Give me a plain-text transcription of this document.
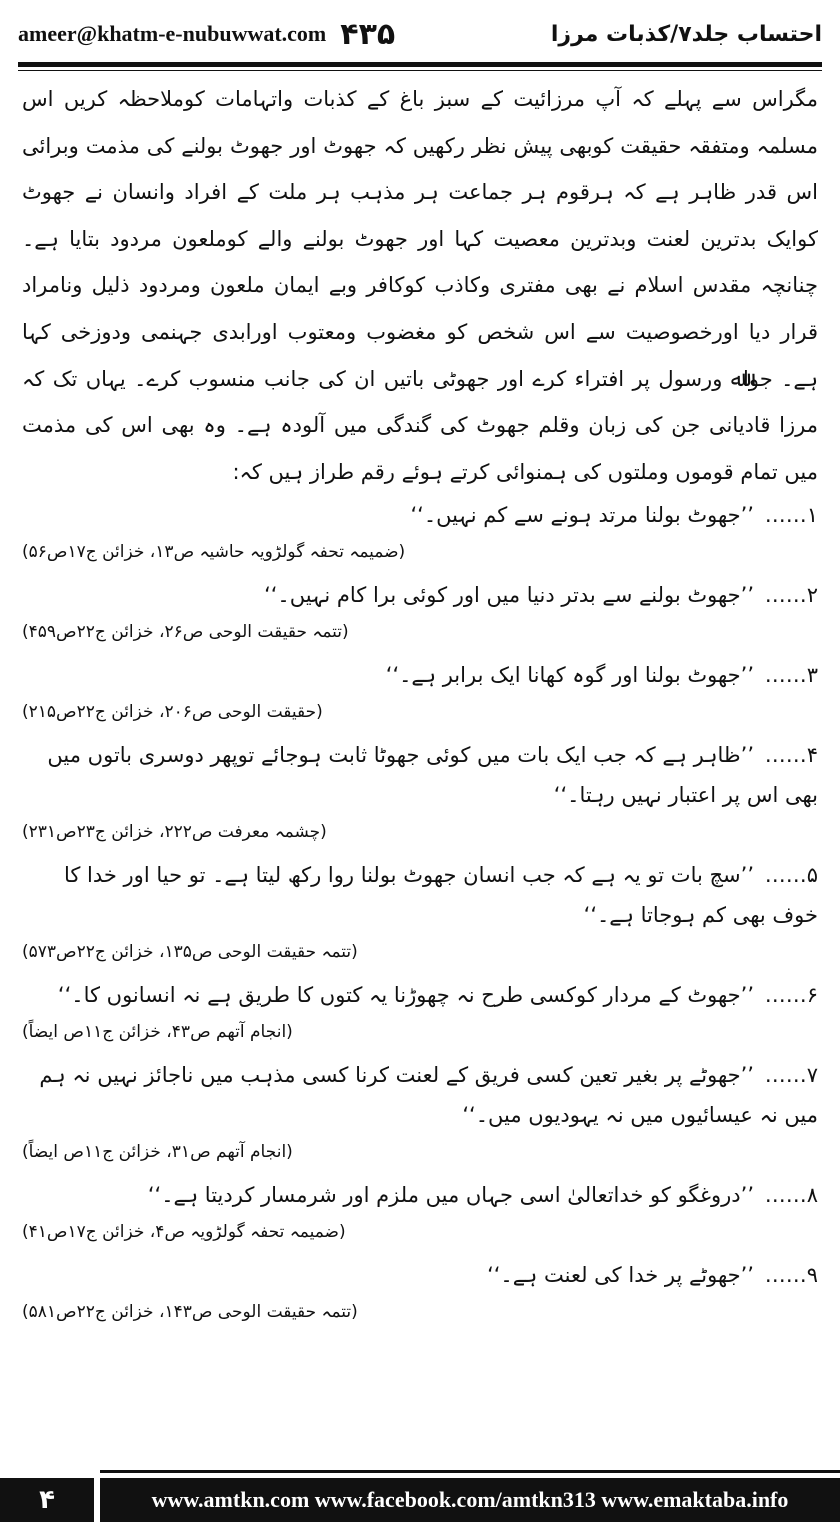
ameer@khatm-e-nubuwwat.com ۴۳۵	احتساب جلد۷/کذبات مرزا

مگراس سے پہلے کہ آپ مرزائیت کے سبز باغ کے کذبات واتہامات کوملاحظہ کریں اس مسلمہ ومتفقہ حقیقت کوبھی پیش نظر رکھیں کہ جھوٹ اور جھوٹ بولنے کی مذمت وبرائی اس قدر ظاہر ہے کہ ہرقوم ہر جماعت ہر مذہب ہر ملت کے افراد وانسان نے جھوٹ کوایک بدترین لعنت وبدترین معصیت کہا اور جھوٹ بولنے والے کوملعون مردود بتایا ہے۔ چنانچہ مقدس اسلام نے بھی مفتری وکاذب کوکافر وبے ایمان ملعون ومردود ذلیل ونامراد قرار دیا اورخصوصیت سے اس شخص کو مغضوب ومعتوب اورابدی جہنمی ودوزخی کہا ہے۔ جواﷲ ورسول پر افتراء کرے اور جھوٹی باتیں ان کی جانب منسوب کرے۔ یہاں تک کہ مرزا قادیانی جن کی زبان وقلم جھوٹ کی گندگی میں آلودہ ہے۔ وہ بھی اس کی مذمت میں تمام قوموں وملتوں کی ہمنوائی کرتے ہوئے رقم طراز ہیں کہ:

۱……’’جھوٹ بولنا مرتد ہونے سے کم نہیں۔‘‘
(ضمیمہ تحفہ گولڑویہ حاشیہ ص۱۳، خزائن ج۱۷ص۵۶)
۲……’’جھوٹ بولنے سے بدتر دنیا میں اور کوئی برا کام نہیں۔‘‘
(تتمہ حقیقت الوحی ص۲۶، خزائن ج۲۲ص۴۵۹)
۳……’’جھوٹ بولنا اور گوہ کھانا ایک برابر ہے۔‘‘
(حقیقت الوحی ص۲۰۶، خزائن ج۲۲ص۲۱۵)
۴……’’ظاہر ہے کہ جب ایک بات میں کوئی جھوٹا ثابت ہوجائے توپھر دوسری باتوں میں بھی اس پر اعتبار نہیں رہتا۔‘‘
(چشمہ معرفت ص۲۲۲، خزائن ج۲۳ص۲۳۱)
۵……’’سچ بات تو یہ ہے کہ جب انسان جھوٹ بولنا روا رکھ لیتا ہے۔ تو حیا اور خدا کا خوف بھی کم ہوجاتا ہے۔‘‘
(تتمہ حقیقت الوحی ص۱۳۵، خزائن ج۲۲ص۵۷۳)
۶……’’جھوٹ کے مردار کوکسی طرح نہ چھوڑنا یہ کتوں کا طریق ہے نہ انسانوں کا۔‘‘
(انجام آتھم ص۴۳، خزائن ج۱۱ص ایضاً)
۷……’’جھوٹے پر بغیر تعین کسی فریق کے لعنت کرنا کسی مذہب میں ناجائز نہیں نہ ہم میں نہ عیسائیوں میں نہ یہودیوں میں۔‘‘
(انجام آتھم ص۳۱، خزائن ج۱۱ص ایضاً)
۸……’’دروغگو کو خداتعالیٰ اسی جہاں میں ملزم اور شرمسار کردیتا ہے۔‘‘
(ضمیمہ تحفہ گولڑویہ ص۴، خزائن ج۱۷ص۴۱)
۹……’’جھوٹے پر خدا کی لعنت ہے۔‘‘
(تتمہ حقیقت الوحی ص۱۴۳، خزائن ج۲۲ص۵۸۱)
۴	www.amtkn.com www.facebook.com/amtkn313 www.emaktaba.info
